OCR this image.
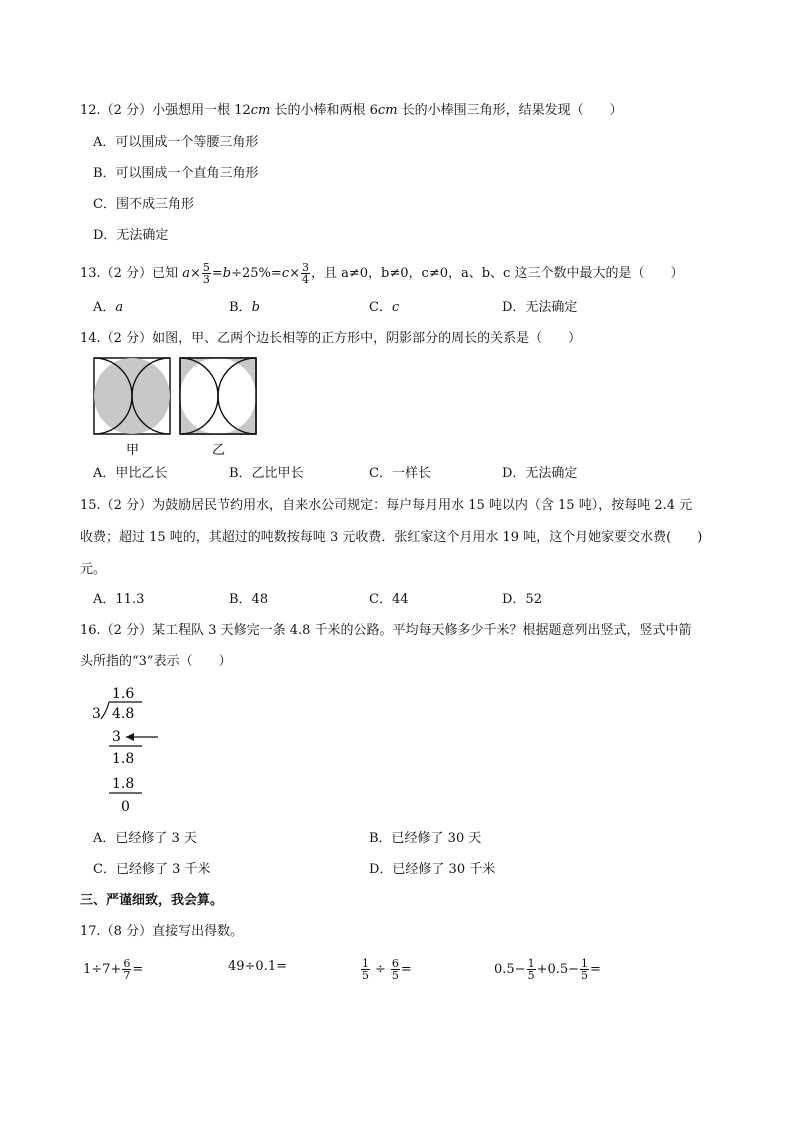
12.（2 分）小强想用一根 12cm 长的小棒和两根 6cm 长的小棒围三角形，结果发现（　　）
A．可以围成一个等腰三角形
B．可以围成一个直角三角形
C．围不成三角形
D．无法确定
13.（2 分）已知 $a\times \frac{5}{3} =b\div 25\%=c\times \frac{3}{4}$ ，且 a≠0，b≠0，c≠0，a、b、c 这三个数中最大的是（　　）
A．a	B．b	C．c	D．无法确定
14.（2 分）如图，甲、乙两个边长相等的正方形中，阴影部分的周长的关系是（　　）
甲	乙
A．甲比乙长	B．乙比甲长	C．一样长	D．无法确定
15.（2 分）为鼓励居民节约用水，自来水公司规定：每户每月用水 15 吨以内（含 15 吨），按每吨 2.4 元
收费；超过 15 吨的，其超过的吨数按每吨 3 元收费．张红家这个月用水 19 吨，这个月她家要交水费(　　)
元。
A．11.3	B．48	C．44	D．52
16.（2 分）某工程队 3 天修完一条 4.8 千米的公路。平均每天修多少千米？根据题意列出竖式，竖式中箭
头所指的“3”表示（　　）
1.6
3 4.8
3
1.8
1.8
0
A．已经修了 3 天	B．已经修了 30 天
C．已经修了 3 千米	D．已经修了 30 千米
三、严谨细致，我会算。
17.（8 分）直接写出得数。
$1\div 7+ \frac{6}{7}$ =	49÷0.1=	$\frac{1}{5} \div \frac{6}{5}$ =	$0.5- \frac{1}{5} +0.5- \frac{1}{5}$ =
